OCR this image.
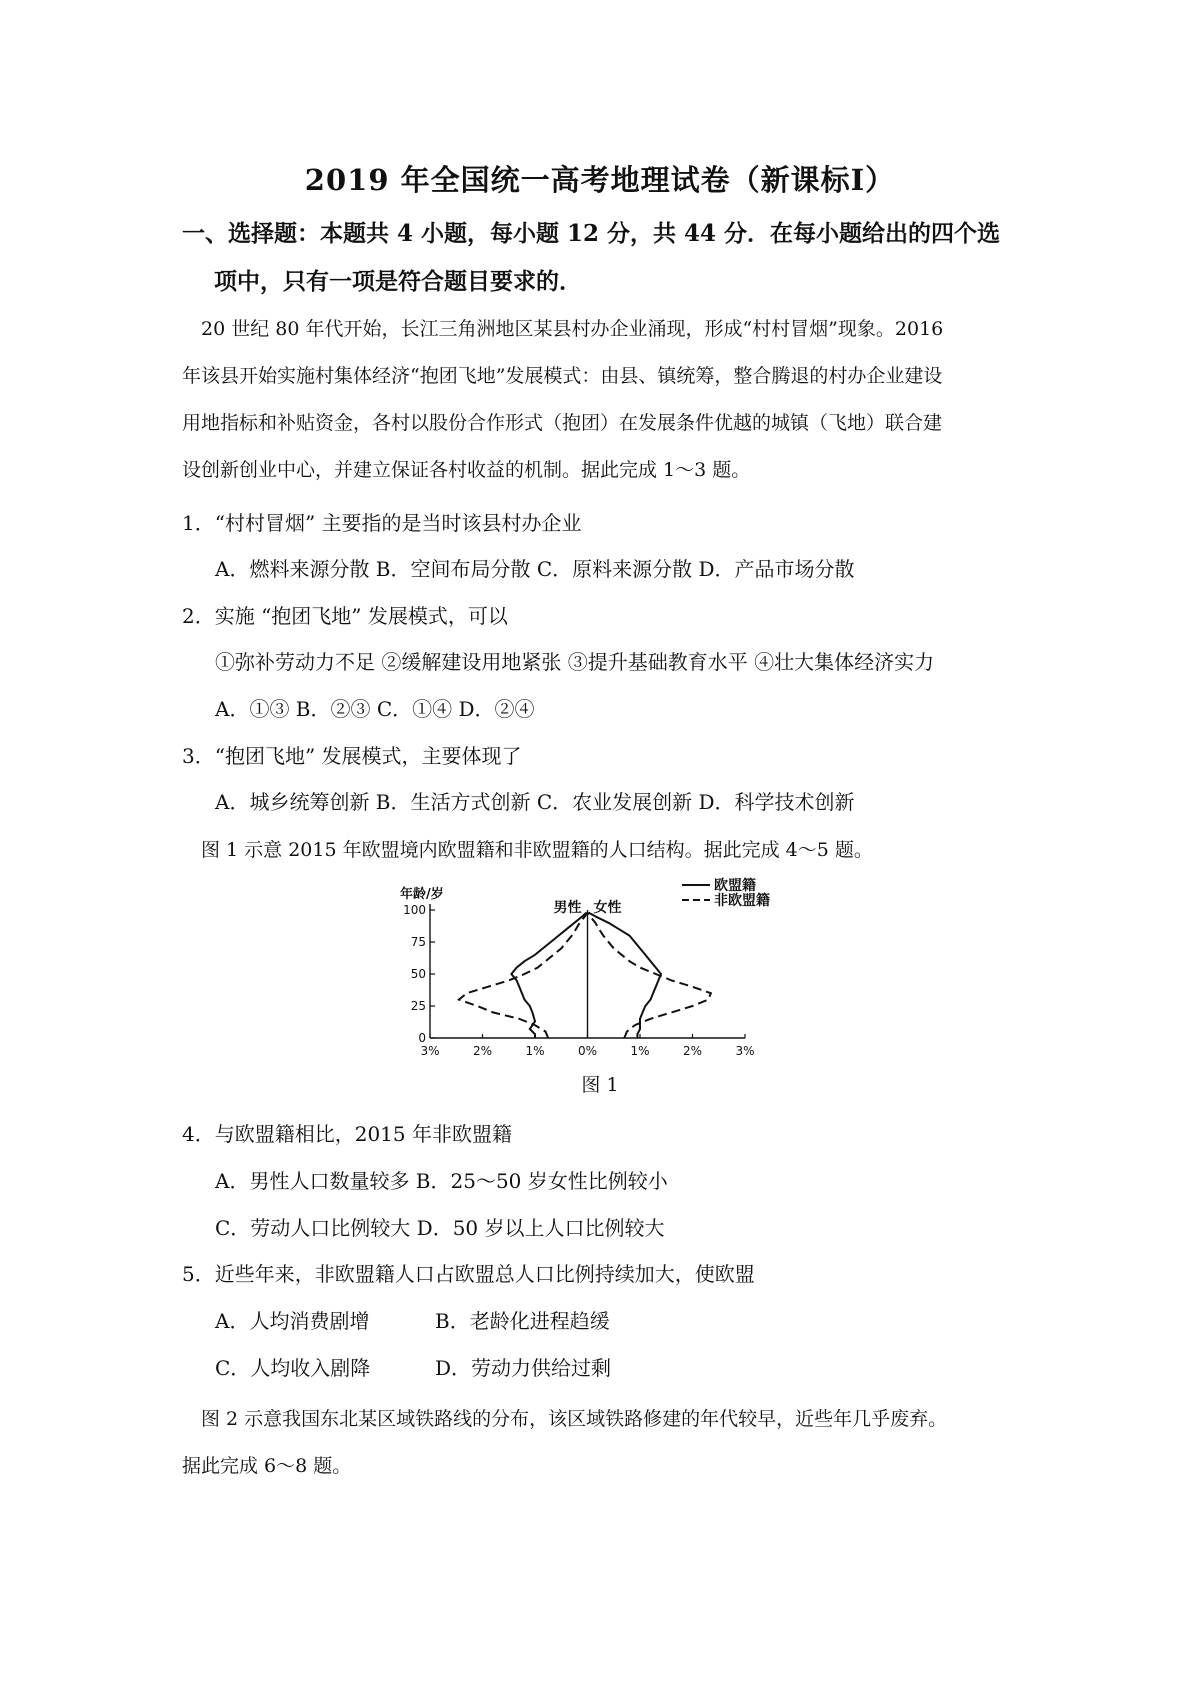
2019 年全国统一高考地理试卷（新课标Ⅰ）
一、选择题：本题共 4 小题，每小题 12 分，共 44 分．在每小题给出的四个选
项中，只有一项是符合题目要求的．
　20 世纪 80 年代开始，长江三角洲地区某县村办企业涌现，形成“村村冒烟”现象。2016
年该县开始实施村集体经济“抱团飞地”发展模式：由县、镇统筹，整合腾退的村办企业建设
用地指标和补贴资金，各村以股份合作形式（抱团）在发展条件优越的城镇（飞地）联合建
设创新创业中心，并建立保证各村收益的机制。据此完成 1～3 题。
1．“村村冒烟” 主要指的是当时该县村办企业
A．燃料来源分散 B．空间布局分散 C．原料来源分散 D．产品市场分散
2．实施 “抱团飞地” 发展模式，可以
①弥补劳动力不足 ②缓解建设用地紧张 ③提升基础教育水平 ④壮大集体经济实力
A．①③ B．②③ C．①④ D．②④
3．“抱团飞地” 发展模式，主要体现了
A．城乡统筹创新 B．生活方式创新 C．农业发展创新 D．科学技术创新
　图 1 示意 2015 年欧盟境内欧盟籍和非欧盟籍的人口结构。据此完成 4～5 题。
100
75
50
25
0
年龄/岁
3%	2%	1%	0%	1%	2%	3%
男性 女性
欧盟籍
非欧盟籍
图 1
4．与欧盟籍相比，2015 年非欧盟籍
A．男性人口数量较多 B．25～50 岁女性比例较小
C．劳动人口比例较大 D．50 岁以上人口比例较大
5．近些年来，非欧盟籍人口占欧盟总人口比例持续加大，使欧盟
A．人均消费剧增	B．老龄化进程趋缓
C．人均收入剧降	D．劳动力供给过剩
　图 2 示意我国东北某区域铁路线的分布，该区域铁路修建的年代较早，近些年几乎废弃。
据此完成 6～8 题。
